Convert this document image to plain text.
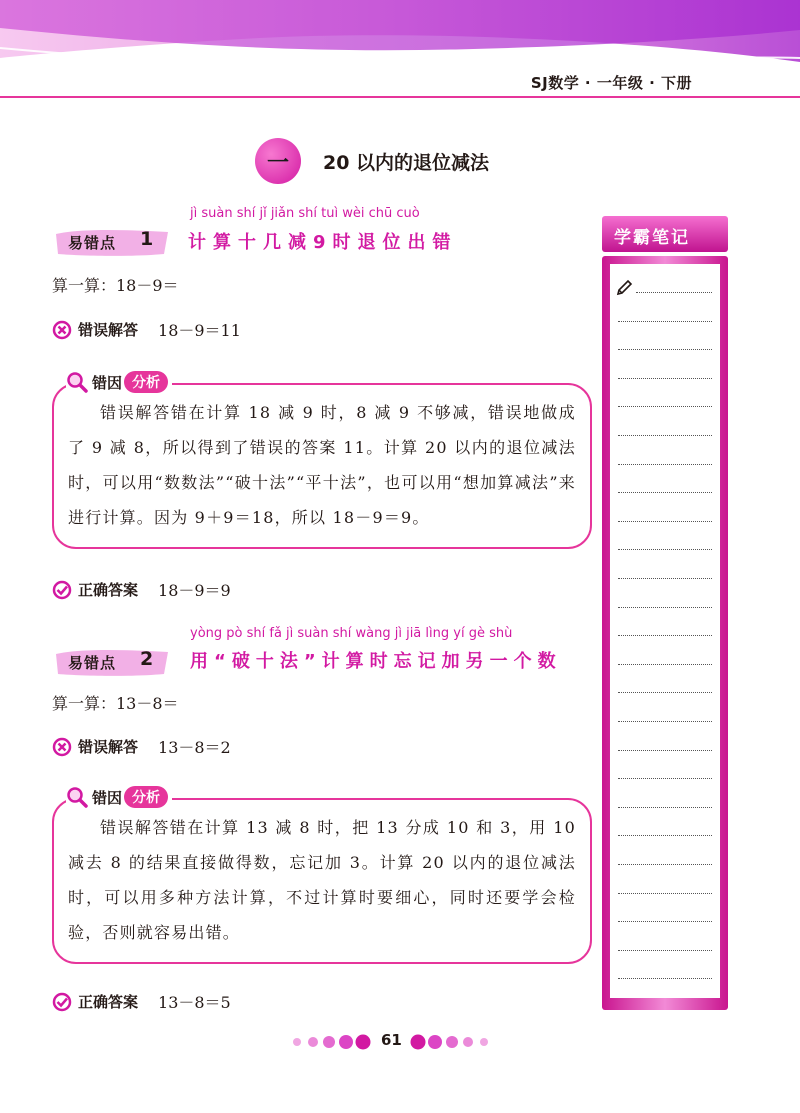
SJ数学 · 一年级 · 下册
一	20 以内的退位减法
jì suàn shí jǐ jiǎn shí tuì wèi chū cuò
易错点 1 计算十几减9时退位出错
算一算：18－9＝
错误解答 18－9＝11

错误解答错在计算 18 减 9 时，8 减 9 不够减，错误地做成了 9 减 8，所以得到了错误的答案 11。计算 20 以内的退位减法时，可以用“数数法”“破十法”“平十法”，也可以用“想加算减法”来进行计算。因为 9＋9＝18，所以 18－9＝9。

错因 分析
正确答案 18－9＝9
yòng pò shí fǎ jì suàn shí wàng jì jiā lìng yí gè shù
易错点 2 用“破十法”计算时忘记加另一个数
算一算：13－8＝
错误解答 13－8＝2

错误解答错在计算 13 减 8 时，把 13 分成 10 和 3，用 10 减去 8 的结果直接做得数，忘记加 3。计算 20 以内的退位减法时，可以用多种方法计算，不过计算时要细心，同时还要学会检验，否则就容易出错。

错因 分析
正确答案 13－8＝5
学霸笔记
61
